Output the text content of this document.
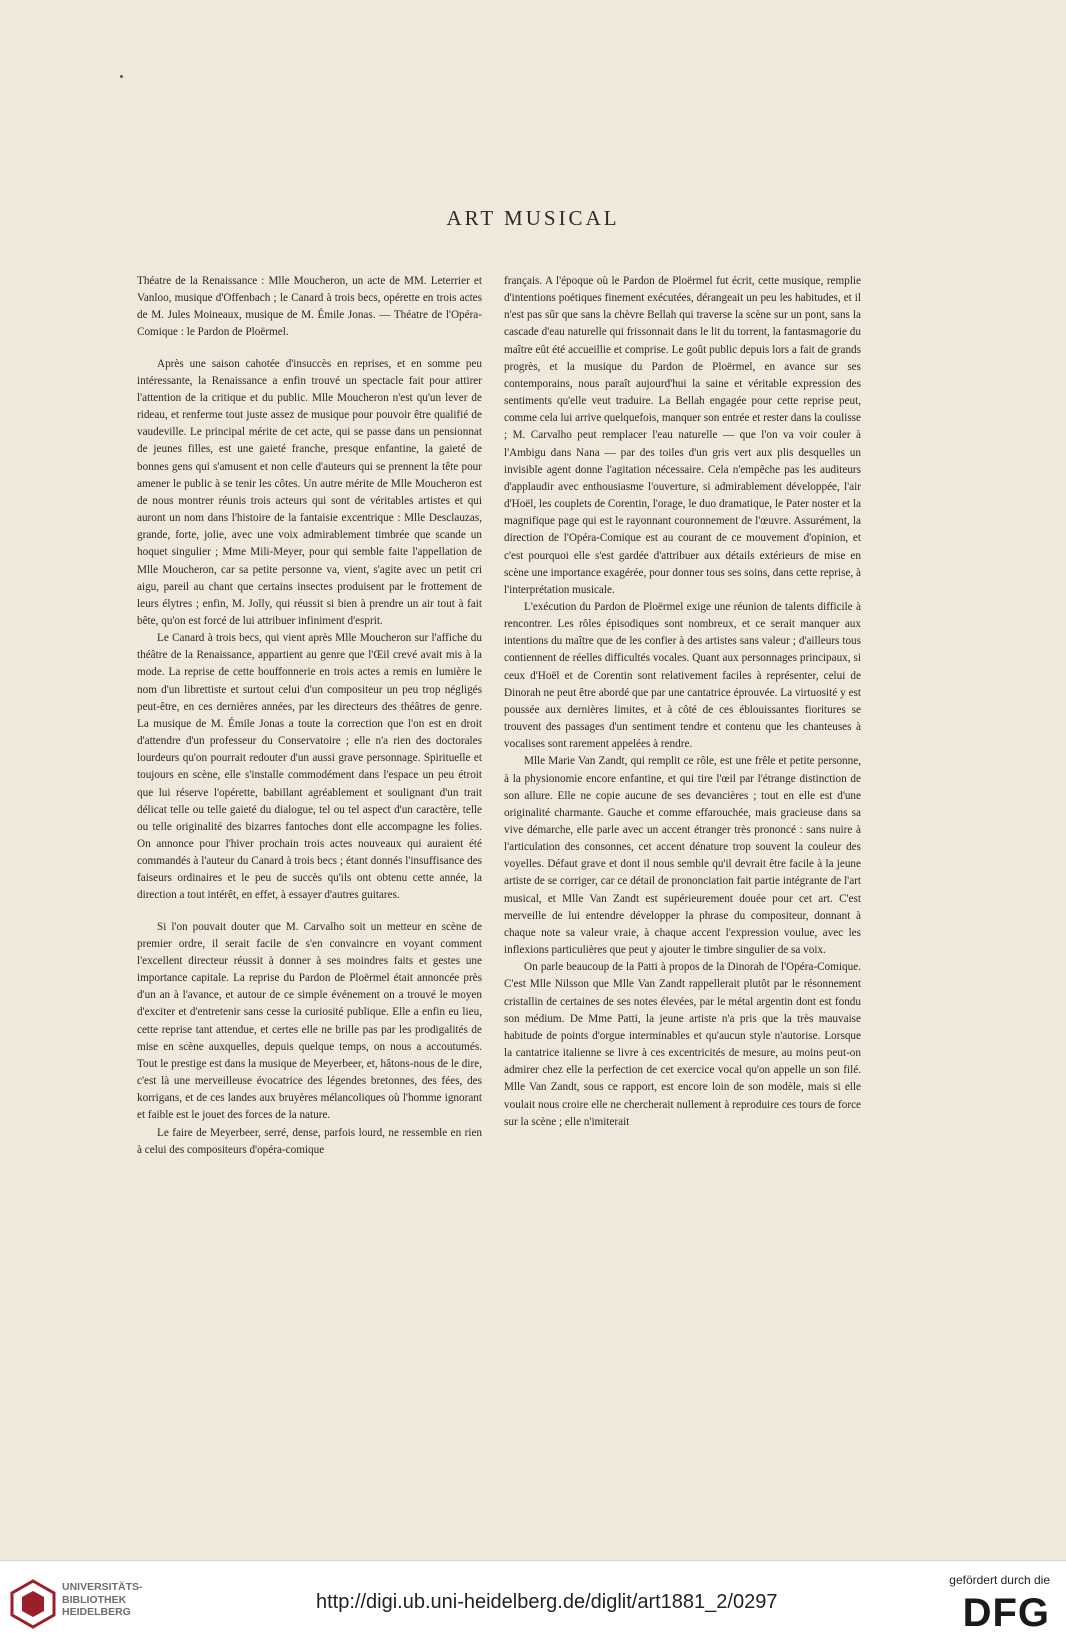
ART MUSICAL

Théatre de la Renaissance : Mlle Moucheron, un acte de MM. Leterrier et Vanloo, musique d'Offenbach ; le Canard à trois becs, opérette en trois actes de M. Jules Moineaux, musique de M. Émile Jonas. — Théatre de l'Opéra-Comique : le Pardon de Ploërmel.

Après une saison cahotée d'insuccès en reprises, et en somme peu intéressante, la Renaissance a enfin trouvé un spectacle fait pour attirer l'attention de la critique et du public. Mlle Moucheron n'est qu'un lever de rideau, et renferme tout juste assez de musique pour pouvoir être qualifié de vaudeville. Le principal mérite de cet acte, qui se passe dans un pensionnat de jeunes filles, est une gaieté franche, presque enfantine, la gaieté de bonnes gens qui s'amusent et non celle d'auteurs qui se prennent la tête pour amener le public à se tenir les côtes. Un autre mérite de Mlle Moucheron est de nous montrer réunis trois acteurs qui sont de véritables artistes et qui auront un nom dans l'histoire de la fantaisie excentrique : Mlle Desclauzas, grande, forte, jolie, avec une voix admirablement timbrée que scande un hoquet singulier ; Mme Mili-Meyer, pour qui semble faite l'appellation de Mlle Moucheron, car sa petite personne va, vient, s'agite avec un petit cri aigu, pareil au chant que certains insectes produisent par le frottement de leurs élytres ; enfin, M. Jolly, qui réussit si bien à prendre un air tout à fait bête, qu'on est forcé de lui attribuer infiniment d'esprit.

Le Canard à trois becs, qui vient après Mlle Moucheron sur l'affiche du théâtre de la Renaissance, appartient au genre que l'Œil crevé avait mis à la mode. La reprise de cette bouffonnerie en trois actes a remis en lumière le nom d'un librettiste et surtout celui d'un compositeur un peu trop négligés peut-être, en ces dernières années, par les directeurs des théâtres de genre. La musique de M. Émile Jonas a toute la correction que l'on est en droit d'attendre d'un professeur du Conservatoire ; elle n'a rien des doctorales lourdeurs qu'on pourrait redouter d'un aussi grave personnage. Spirituelle et toujours en scène, elle s'installe commodément dans l'espace un peu étroit que lui réserve l'opérette, babillant agréablement et soulignant d'un trait délicat telle ou telle gaieté du dialogue, tel ou tel aspect d'un caractère, telle ou telle originalité des bizarres fantoches dont elle accompagne les folies. On annonce pour l'hiver prochain trois actes nouveaux qui auraient été commandés à l'auteur du Canard à trois becs ; étant donnés l'insuffisance des faiseurs ordinaires et le peu de succès qu'ils ont obtenu cette année, la direction a tout intérêt, en effet, à essayer d'autres guitares.

Si l'on pouvait douter que M. Carvalho soit un metteur en scène de premier ordre, il serait facile de s'en convaincre en voyant comment l'excellent directeur réussit à donner à ses moindres faits et gestes une importance capitale. La reprise du Pardon de Ploërmel était annoncée près d'un an à l'avance, et autour de ce simple événement on a trouvé le moyen d'exciter et d'entretenir sans cesse la curiosité publique. Elle a enfin eu lieu, cette reprise tant attendue, et certes elle ne brille pas par les prodigalités de mise en scène auxquelles, depuis quelque temps, on nous a accoutumés. Tout le prestige est dans la musique de Meyerbeer, et, hâtons-nous de le dire, c'est là une merveilleuse évocatrice des légendes bretonnes, des fées, des korrigans, et de ces landes aux bruyères mélancoliques où l'homme ignorant et faible est le jouet des forces de la nature.

Le faire de Meyerbeer, serré, dense, parfois lourd, ne ressemble en rien à celui des compositeurs d'opéra-comique

français. A l'époque où le Pardon de Ploërmel fut écrit, cette musique, remplie d'intentions poétiques finement exécutées, dérangeait un peu les habitudes, et il n'est pas sûr que sans la chèvre Bellah qui traverse la scène sur un pont, sans la cascade d'eau naturelle qui frissonnait dans le lit du torrent, la fantasmagorie du maître eût été accueillie et comprise. Le goût public depuis lors a fait de grands progrès, et la musique du Pardon de Ploërmel, en avance sur ses contemporains, nous paraît aujourd'hui la saine et véritable expression des sentiments qu'elle veut traduire. La Bellah engagée pour cette reprise peut, comme cela lui arrive quelquefois, manquer son entrée et rester dans la coulisse ; M. Carvalho peut remplacer l'eau naturelle — que l'on va voir couler à l'Ambigu dans Nana — par des toiles d'un gris vert aux plis desquelles un invisible agent donne l'agitation nécessaire. Cela n'empêche pas les auditeurs d'applaudir avec enthousiasme l'ouverture, si admirablement développée, l'air d'Hoël, les couplets de Corentin, l'orage, le duo dramatique, le Pater noster et la magnifique page qui est le rayonnant couronnement de l'œuvre. Assurément, la direction de l'Opéra-Comique est au courant de ce mouvement d'opinion, et c'est pourquoi elle s'est gardée d'attribuer aux détails extérieurs de mise en scène une importance exagérée, pour donner tous ses soins, dans cette reprise, à l'interprétation musicale.

L'exécution du Pardon de Ploërmel exige une réunion de talents difficile à rencontrer. Les rôles épisodiques sont nombreux, et ce serait manquer aux intentions du maître que de les confier à des artistes sans valeur ; d'ailleurs tous contiennent de réelles difficultés vocales. Quant aux personnages principaux, si ceux d'Hoël et de Corentin sont relativement faciles à représenter, celui de Dinorah ne peut être abordé que par une cantatrice éprouvée. La virtuosité y est poussée aux dernières limites, et à côté de ces éblouissantes fioritures se trouvent des passages d'un sentiment tendre et contenu que les chanteuses à vocalises sont rarement appelées à rendre.

Mlle Marie Van Zandt, qui remplit ce rôle, est une frêle et petite personne, à la physionomie encore enfantine, et qui tire l'œil par l'étrange distinction de son allure. Elle ne copie aucune de ses devancières ; tout en elle est d'une originalité charmante. Gauche et comme effarouchée, mais gracieuse dans sa vive démarche, elle parle avec un accent étranger très prononcé : sans nuire à l'articulation des consonnes, cet accent dénature trop souvent la couleur des voyelles. Défaut grave et dont il nous semble qu'il devrait être facile à la jeune artiste de se corriger, car ce détail de prononciation fait partie intégrante de l'art musical, et Mlle Van Zandt est supérieurement douée pour cet art. C'est merveille de lui entendre développer la phrase du compositeur, donnant à chaque note sa valeur vraie, à chaque accent l'expression voulue, avec les inflexions particulières que peut y ajouter le timbre singulier de sa voix.

On parle beaucoup de la Patti à propos de la Dinorah de l'Opéra-Comique. C'est Mlle Nilsson que Mlle Van Zandt rappellerait plutôt par le résonnement cristallin de certaines de ses notes élevées, par le métal argentin dont est fondu son médium. De Mme Patti, la jeune artiste n'a pris que la très mauvaise habitude de points d'orgue interminables et qu'aucun style n'autorise. Lorsque la cantatrice italienne se livre à ces excentricités de mesure, au moins peut-on admirer chez elle la perfection de cet exercice vocal qu'on appelle un son filé. Mlle Van Zandt, sous ce rapport, est encore loin de son modèle, mais si elle voulait nous croire elle ne chercherait nullement à reproduire ces tours de force sur la scène ; elle n'imiterait

UNIVERSITÄTS-
BIBLIOTHEK
HEIDELBERG	http://digi.ub.uni-heidelberg.de/diglit/art1881_2/0297
gefördert durch die
DFG
